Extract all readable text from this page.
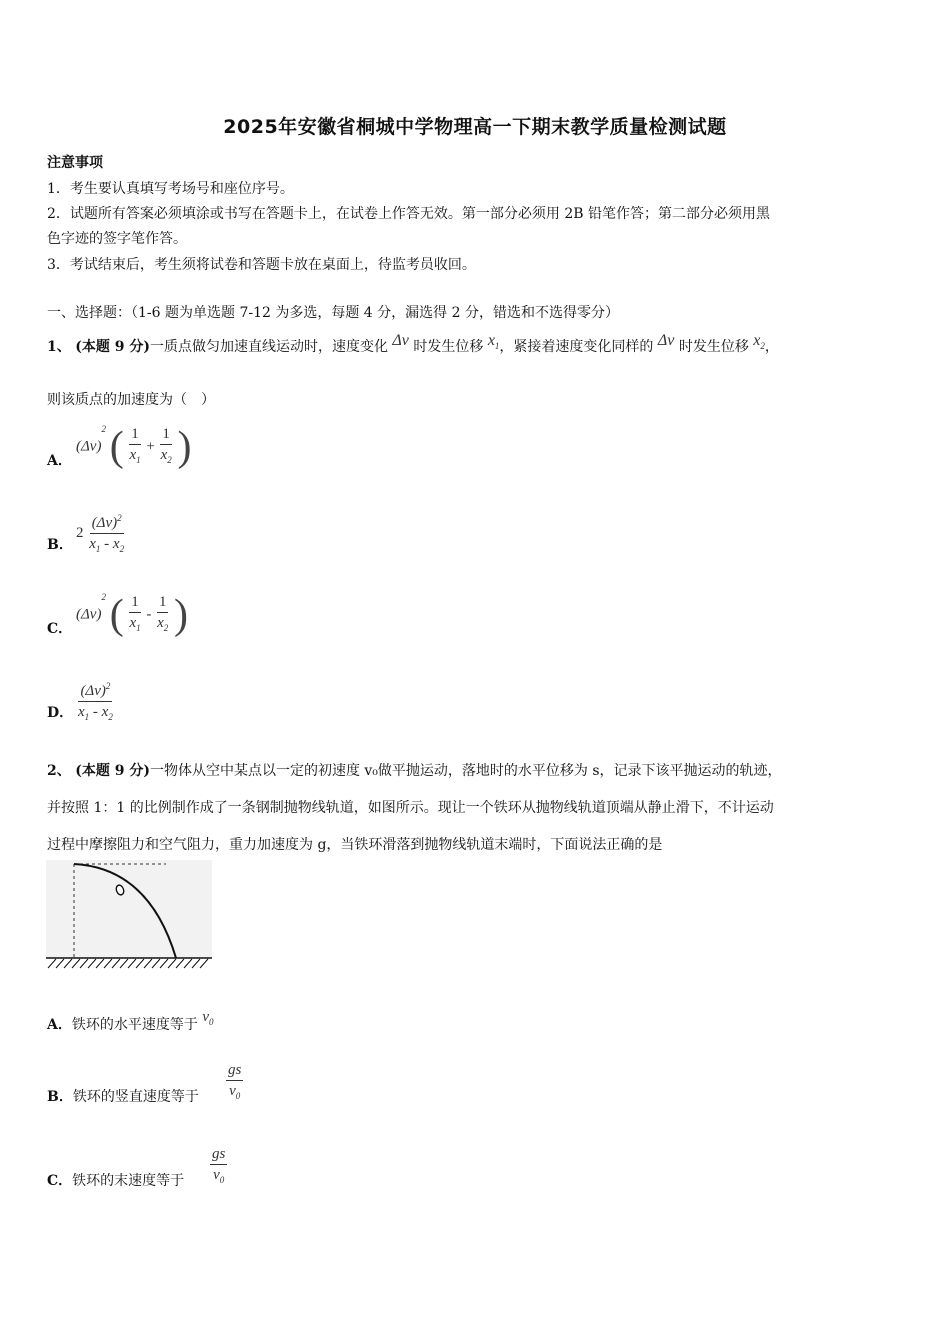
2025年安徽省桐城中学物理高一下期末教学质量检测试题
注意事项
1．考生要认真填写考场号和座位序号。
2．试题所有答案必须填涂或书写在答题卡上，在试卷上作答无效。第一部分必须用 2B 铅笔作答；第二部分必须用黑
色字迹的签字笔作答。
3．考试结束后，考生须将试卷和答题卡放在桌面上，待监考员收回。
一、选择题：（1-6 题为单选题 7-12 为多选，每题 4 分，漏选得 2 分，错选和不选得零分）
1、 (本题 9 分)一质点做匀加速直线运动时，速度变化 Δv 时发生位移 $x_1$，紧接着速度变化同样的 Δv 时发生位移 $x_2$，
则该质点的加速度为（　）
A．
$(\Delta v)^2$ ( $\frac{1}{x_1} + \frac{1}{x_2}$ )
B．
$2 \frac{(\Delta v)^2}{x_1 - x_2}$
C．
$(\Delta v)^2$ ( $\frac{1}{x_1} - \frac{1}{x_2}$ )
D． $\frac{(\Delta v)^2}{x_1 - x_2}$
2、 (本题 9 分)一物体从空中某点以一定的初速度 v₀做平抛运动，落地时的水平位移为 s，记录下该平抛运动的轨迹，
并按照 1：1 的比例制作成了一条钢制抛物线轨道，如图所示。现让一个铁环从抛物线轨道顶端从静止滑下，不计运动
过程中摩擦阻力和空气阻力，重力加速度为 g，当铁环滑落到抛物线轨道末端时，下面说法正确的是
A．铁环的水平速度等于 $v_0$
B．铁环的竖直速度等于 $\frac{gs}{v_0}$
C．铁环的末速度等于 $\frac{gs}{v_0}$
